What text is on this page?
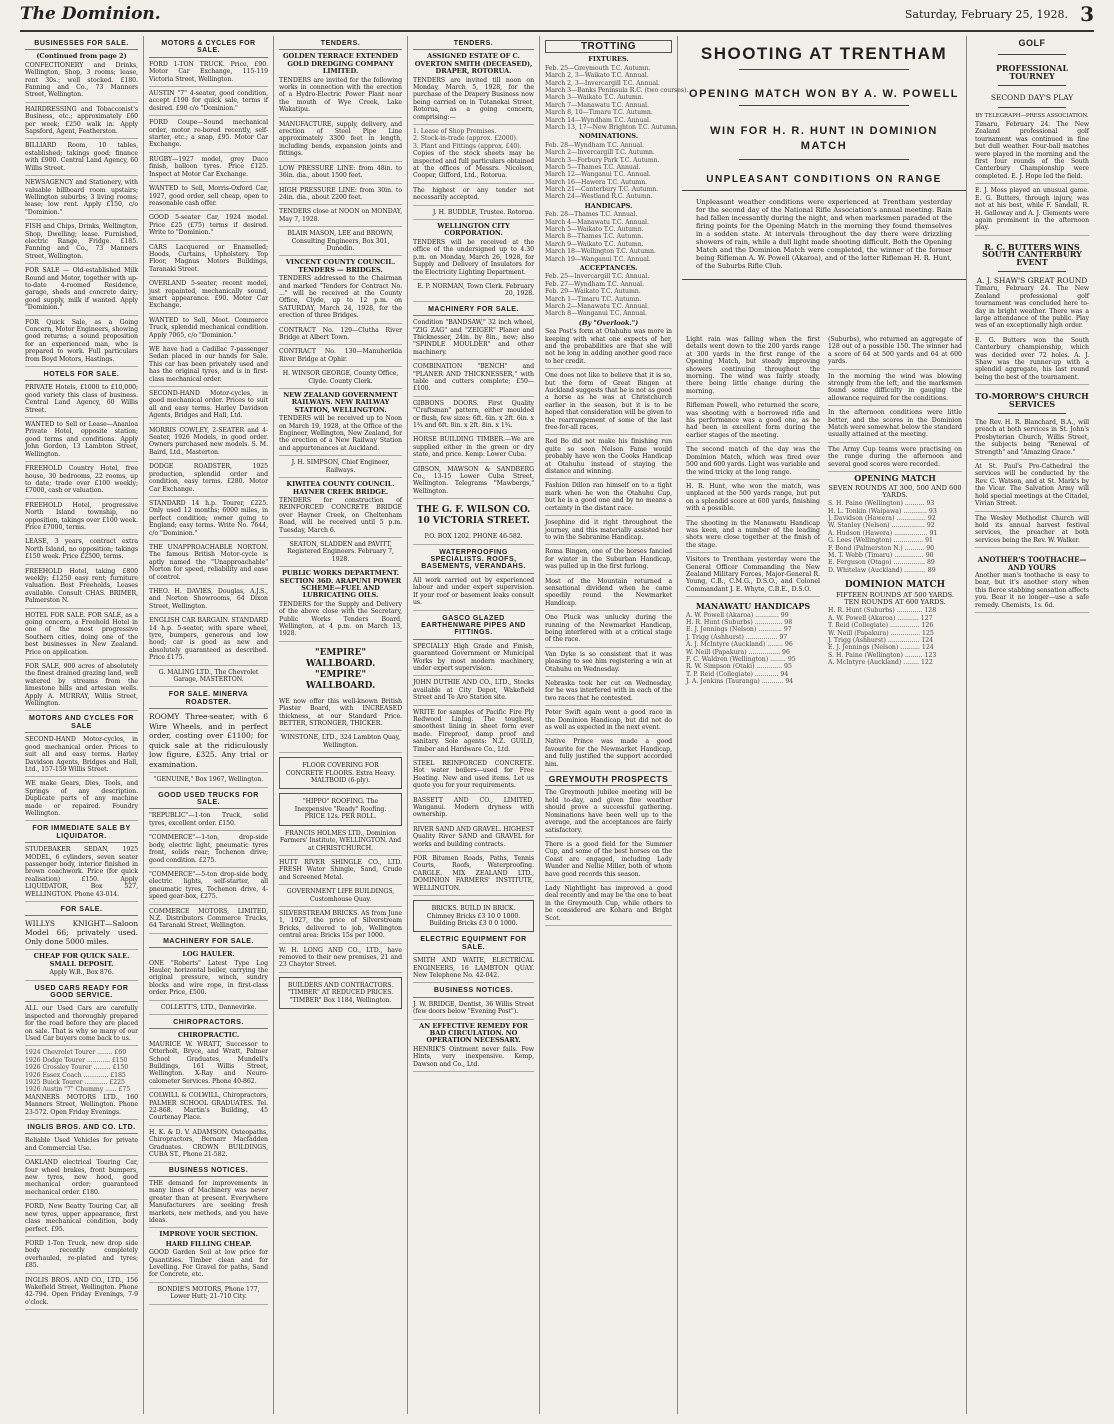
The Dominion.	Saturday, February 25, 1928. 3
BUSINESSES FOR SALE.
(Continued from page 2)
CONFECTIONERY and Drinks, Wellington, Shop, 3 rooms; lease, rent 30s.; well stocked. £180. Fanning and Co., 73 Manners Street, Wellington.
HAIRDRESSING and Tobacconist's Business, etc.; approximately £60 per week; £250 walk in. Apply Sapsford, Agent, Featherston.
BILLIARD Room, 10 tables, established; takings good; finance with £900. Central Land Agency, 60 Willis Street.
NEWSAGENCY and Stationery, with valuable billboard room upstairs; Wellington suburbs; 3 living rooms; lease; low rent. Apply £150, c/o "Dominion."
FISH and Chips, Drinks, Wellington, Shop, Dwelling; lease. Furnished, electric Range, Fridge. £185. Fanning and Co., 73 Manners Street, Wellington.
FOR SALE — Old-established Milk Round and Motor, together with up-to-date 4-roomed Residence, garage, sheds and concrete dairy; good supply, milk if wanted. Apply "Dominion."
FOR Quick Sale, as a Going Concern, Motor Engineers, showing good returns; a sound proposition for an experienced man, who is prepared to work. Full particulars from Boyd Motors, Hastings.
HOTELS FOR SALE.
PRIVATE Hotels, £1000 to £10,000; good variety this class of business. Central Land Agency, 60 Willis Street.
WANTED to Sell or Lease—Ananioa Private Hotel, opposite station; good terms and conditions. Apply John Gordon, 13 Lambton Street, Wellington.
FREEHOLD Country Hotel, free house, 30 bedrooms, 22 rooms, up to date; trade over £100 weekly; £7000, cash or valuation.
FREEHOLD Hotel, progressive North Island township, no opposition, takings over £100 week. Price £7000, terms.
LEASE, 3 years, contract extra North Island, no opposition; takings £150 week. Price £2500, terms.
FREEHOLD Hotel, taking £800 weekly; £1250 easy rent; furniture valuation. Best Freeholds, Leases available. Consult CHAS. BRIMER, Palmerston N.
HOTEL FOR SALE. FOR SALE, as a going concern, a Freehold Hotel in one of the most progressive Southern cities, doing one of the best businesses in New Zealand. Price on application.
FOR SALE, 900 acres of absolutely the finest drained grazing land, well watered by streams from the limestone hills and artesian wells. Apply A. MURRAY, Willis Street, Wellington.
MOTORS AND CYCLES FOR SALE
SECOND-HAND Motor-cycles, in good mechanical order. Prices to suit all and easy terms. Harley Davidson Agents, Bridges and Hall, Ltd., 157-159 Willis Street.
WE make Gears, Dies, Tools, and Springs of any description. Duplicate parts of any machine made or repaired. Foundry Wellington.
FOR IMMEDIATE SALE BY LIQUIDATOR.
STUDEBAKER SEDAN, 1925 MODEL, 6 cylinders, seven seater passenger body, interior finished in brown coachwork. Price (for quick realisation) £150. Apply LIQUIDATOR, Box 527, WELLINGTON. Phone 43-014.
FOR SALE.
WILLYS KNIGHT—Saloon Model 66; privately used. Only done 5000 miles.
CHEAP FOR QUICK SALE. SMALL DEPOSIT.
Apply W.B., Box 876.
USED CARS READY FOR GOOD SERVICE.
ALL our Used Cars are carefully inspected and thoroughly prepared for the road before they are placed on sale. That is why so many of our Used Car buyers come back to us.
1924 Chevrolet Tourer ........ £60
1926 Dodge Tourer ............ £150
1926 Crossley Tourer ......... £150
1926 Essex Coach ............. £185
1925 Buick Tourer ............ £225
1926 Austin "7" Chummy ...... £75
MANNERS MOTORS LTD., 160 Manners Street, Wellington. Phone 23-572. Open Friday Evenings.
INGLIS BROS. AND CO. LTD.
Reliable Used Vehicles for private and Commercial Use.
OAKLAND electrical Touring Car, four wheel brakes, front bumpers, new tyres, new hood, good mechanical order; guaranteed mechanical order. £180.
FORD, New Beatty Touring Car, all new tyres, upper appearance, first class mechanical condition, body perfect. £95.
FORD 1-Ton Truck, new drop side body recently completely overhauled, re-plated and tyres; £85.
INGLIS BROS. AND CO., LTD., 156 Wakefield Street, Wellington. Phone 42-794. Open Friday Evenings, 7-9 o'clock.
MOTORS & CYCLES FOR SALE.
FORD 1-TON TRUCK. Price, £90. Motor Car Exchange, 115-119 Victoria Street, Wellington.
AUSTIN "7" 4-seater, good condition, accept £190 for quick sale, terms if desired. £90 c/o "Dominion."
FORD Coupe—Sound mechanical order, motor re-bored recently, self-starter, etc.; a snap, £95. Motor Car Exchange.
RUGBY—1927 model, grey Duco finish, balloon tyres. Price £125. Inspect at Motor Car Exchange.
WANTED to Sell, Morris-Oxford Car, 1927, good order, sell cheap, open to reasonable cash offer.
GOOD 5-seater Car, 1924 model. Price £25 (£75) terms if desired. Write to "Dominion."
CARS Lacquered or Enamelled; Hoods, Curtains, Upholstery. Top Floor, Magnus Motors Buildings, Taranaki Street.
OVERLAND 5-seater, recent model, just repainted, mechanically sound, smart appearance. £90. Motor Car Exchange.
WANTED to Sell, Moot. Commerce Truck, splendid mechanical condition. Apply 7065, c/o "Dominion."
WE have had a Cadillac 7-passenger Sedan placed in our hands for Sale. This car has been privately used and has the original tyres, and is in first-class mechanical order.
SECOND-HAND Motor-cycles, in good mechanical order. Prices to suit all and easy terms. Harley Davidson Agents, Bridges and Hall, Ltd.
MORRIS COWLEY, 2-SEATER and 4-Seater, 1926 Models, in good order. Owners purchased new models. S. M. Baird, Ltd., Masterton.
DODGE ROADSTER, 1925 production, splendid order and condition, easy terms. £280. Motor Car Exchange.
STANDARD 14 h.p. Tourer, £225. Only used 12 months; 6000 miles, in perfect condition; owner going to England; easy terms. Write No. 7644, c/o "Dominion."
THE UNAPPROACHABLE NORTON. The famous British Motor-cycle is aptly named the "Unapproachable" Norton for speed, reliability and ease of control.
THEO. H. DAVIES, Douglas, A.J.S., and Norton Showrooms, 64 Dixon Street, Wellington.
ENGLISH CAR BARGAIN. STANDARD 14 h.p. 5-seater, with spare wheel, tyre, bumpers, generous and low hood; car is good as new and absolutely guaranteed as described. Price £175.
G. MALING LTD., The Chevrolet Garage, MASTERTON.
FOR SALE. MINERVA ROADSTER.
ROOMY Three-seater, with 6 Wire Wheels, and in perfect order, costing over £1100; for quick sale at the ridiculously low figure, £325. Any trial or examination.
"GENUINE," Box 1967, Wellington.
GOOD USED TRUCKS FOR SALE.
"REPUBLIC"—1-ton Truck, solid tyres, excellent order. £150.
"COMMERCE"—1-ton, drop-side body, electric light, pneumatic tyres front, solids rear; Tochenon drive; good condition. £275.
"COMMERCE"—5-ton drop-side body, electric lights, self-starter, all pneumatic tyres, Tochenon drive, 4-speed gear-box, £275.
COMMERCE MOTORS, LIMITED, N.Z. Distributors Commerce Trucks, 64 Taranaki Street, Wellington.
MACHINERY FOR SALE.
LOG HAULER.
ONE "Roberts" Latest Type Log Hauler, horizontal boiler, carrying the original pressure, winch, sundry blocks and wire rope, in first-class order. Price, £500.
COLLETT'S, LTD., Dannevirke.
CHIROPRACTORS.
CHIROPRACTIC.
MAURICE W. WRATT, Successor to Otterholt, Bryce, and Wratt, Palmer School Graduates, Mundell's Buildings, 161 Willis Street, Wellington. X-Ray and Neuro-calometer Services. Phone 40-862.
COLWILL & COLWILL, Chiropractors, PALMER SCHOOL GRADUATES. Tel. 22-868. Martin's Building, 45 Courtenay Place.
H. K. & D. V. ADAMSON, Osteopaths, Chiropractors, Bernarr Macfadden Graduates. CROWN BUILDINGS, CUBA ST., Phone 21-582.
BUSINESS NOTICES.
THE demand for improvements in many lines of Machinery was never greater than at present. Everywhere Manufacturers are seeking fresh markets, new methods, and you have ideas.
IMPROVE YOUR SECTION.
HARD FILLING CHEAP.
GOOD Garden Soil at low price for Quantities. Timber clean and for Levelling. For Gravel for paths, Sand for Concrete, etc.
BONDIE'S MOTORS, Phone 177, Lower Hutt; 21-710 City.
TENDERS.
GOLDEN TERRACE EXTENDED GOLD DREDGING COMPANY LIMITED.
TENDERS are invited for the following works in connection with the erection of a Hydro-Electric Power Plant near the mouth of Wye Creek, Lake Wakatipu.
MANUFACTURE, supply, delivery, and erection of Steel Pipe Line approximately 3300 feet in length, including bends, expansion joints and fittings.
LOW PRESSURE LINE: from 48in. to 36in. dia., about 1500 feet.
HIGH PRESSURE LINE: from 30in. to 24in. dia., about 2200 feet.
TENDERS close at NOON on MONDAY, May 7, 1928.
BLAIR MASON, LEE and BROWN, Consulting Engineers, Box 301, Dunedin.
VINCENT COUNTY COUNCIL. TENDERS — BRIDGES.
TENDERS addressed to the Chairman and marked "Tenders for Contract No. ..." will be received at the County Office, Clyde, up to 12 p.m. on SATURDAY, March 24, 1928, for the erection of three Bridges.
CONTRACT No. 129—Clutha River Bridge at Albert Town.
CONTRACT No. 130—Manuherikia River Bridge at Ophir.
H. WINSOR GEORGE, County Office, Clyde. County Clerk.
NEW ZEALAND GOVERNMENT RAILWAYS. NEW RAILWAY STATION, WELLINGTON.
TENDERS will be received up to Noon on March 19, 1928, at the Office of the Engineer, Wellington, New Zealand, for the erection of a New Railway Station and appurtenances at Auckland.
J. H. SIMPSON, Chief Engineer, Railways.
KIWITEA COUNTY COUNCIL. HAYNER CREEK BRIDGE.
TENDERS for construction of REINFORCED CONCRETE BRIDGE over Hayner Creek, on Cheltenham Road, will be received until 5 p.m. Tuesday, March 6.
SEATON, SLADDEN and PAVITT, Registered Engineers. February 7, 1928.
PUBLIC WORKS DEPARTMENT. SECTION 36D. ARAPUNI POWER SCHEME—FUEL AND LUBRICATING OILS.
TENDERS for the Supply and Delivery of the above close with the Secretary, Public Works Tenders Board, Wellington, at 4 p.m. on March 13, 1928.
"EMPIRE" WALLBOARD. "EMPIRE" WALLBOARD.
WE now offer this well-known British Plaster Board, with INCREASED thickness, at our Standard Price. BETTER, STRONGER, THICKER.
WINSTONE, LTD., 324 Lambton Quay, Wellington.
FLOOR COVERING FOR CONCRETE FLOORS. Extra Heavy. MALTBOID (6-ply).
"HIPPO" ROOFING. The Inexpensive "Ready" Roofing. PRICE 12s. PER ROLL.
FRANCIS HOLMES LTD., Dominion Farmers' Institute, WELLINGTON. And at CHRISTCHURCH.
HUTT RIVER SHINGLE CO., LTD. FRESH Water Shingle, Sand, Crude and Screened Metal.
GOVERNMENT LIFE BUILDINGS, Customhouse Quay.
SILVERSTREAM BRICKS. AS from June 1, 1927, the price of Silverstream Bricks, delivered to job, Wellington central area: Bricks 15s per 1000.
W. H. LONG AND CO., LTD., have removed to their new premises, 21 and 23 Chaytor Street.
BUILDERS AND CONTRACTORS. "TIMBER" AT REDUCED PRICES. "TIMBER" Box 1184, Wellington.
TENDERS.
ASSIGNED ESTATE OF C. OVERTON SMITH (DECEASED), DRAPER, ROTORUA.
TENDERS are invited till noon on Monday, March 5, 1928, for the purchase of the Drapery Business now being carried on in Tutanekai Street, Rotorua, as a going concern, comprising:—
1. Lease of Shop Premises.
2. Stock-in-trade (approx. £2000).
3. Plant and Fittings (approx. £40).
Copies of the stock sheets may be inspected and full particulars obtained at the offices of Messrs. Nicolson, Cooper, Gifford, Ltd., Rotorua.
The highest or any tender not necessarily accepted.
J. H. BUDDLE, Trustee. Rotorua.
WELLINGTON CITY CORPORATION.
TENDERS will be received at the office of the undersigned up to 4.30 p.m. on Monday, March 26, 1928, for Supply and Delivery of Insulators for the Electricity Lighting Department.
E. P. NORMAN, Town Clerk. February 20, 1928.
MACHINERY FOR SALE.
Condition "BANDSAW," 32 inch wheel, "ZIG ZAG" and "ZEIGER" Planer and Thicknesser, 24in. by 8in., new; also "SPINDLE MOULDER" and other machinery.
COMBINATION "BENCH" and "PLANER AND THICKNESSER," with table and cutters complete; £50—£100.
GIBBONS DOORS. First Quality "Craftsman" pattern, either moulded or flush, few sizes: 6ft. 6in. x 2ft. 6in. x 1¾ and 6ft. 8in. x 2ft. 8in. x 1¾.
HORSE BUILDING TIMBER.—We are supplied either in the green or dry state, and price. Kemp. Lower Cuba.
GIBSON, MAWSON & SANDBERG Co., 13-15 Lower Cuba Street, Wellington. Telegrams "Mawbergs," Wellington.
THE G. F. WILSON CO. 10 VICTORIA STREET.
P.O. BOX 1202. PHONE 46-582.
WATERPROOFING SPECIALISTS. ROOFS, BASEMENTS, VERANDAHS.
All work carried out by experienced labour and under expert supervision. If your roof or basement leaks consult us.
GASCO GLAZED EARTHENWARE PIPES AND FITTINGS.
SPECIALLY High Grade and Finish, guaranteed Government or Municipal Works by most modern machinery, under expert supervision.
JOHN DUTHIE AND CO., LTD., Stocks available at City Depot, Wakefield Street and Te Aro Station site.
WRITE for samples of Pacific Fire Ply Redwood Lining. The toughest, smoothest lining in sheet form ever made. Fireproof, damp proof and sanitary. Sole agents: N.Z. GUILD, Timber and Hardware Co., Ltd.
STEEL REINFORCED CONCRETE. Hot water boilers—used for Free Heating. New and used items. Let us quote you for your requirements.
BASSETT AND CO., LIMITED, Wanganui. Modern dryness with ownership.
RIVER SAND AND GRAVEL. HIGHEST Quality River SAND and GRAVEL for works and building contracts.
FOR Bitumen Roads, Paths, Tennis Courts, Roofs, Waterproofing. CARGLE. MIX ZEALAND LTD., DOMINION FARMERS' INSTITUTE, WELLINGTON.
BRICKS. BUILD IN BRICK. Chimney Bricks £3 10 0 1000. Building Bricks £3 0 0 1000.
ELECTRIC EQUIPMENT FOR SALE.
SMITH AND WAITE, ELECTRICAL ENGINEERS, 16 LAMBTON QUAY. New Telephone No. 42-042.
BUSINESS NOTICES.
J. W. BRIDGE, Dentist, 36 Willis Street (few doors below "Evening Post").
AN EFFECTIVE REMEDY FOR BAD CIRCULATION. NO OPERATION NECESSARY.
HENRIK'S Ointment never fails. Few Hints, very inexpensive. Kemp, Dawson and Co., Ltd.
TROTTING
FIXTURES.
Feb. 25—Greymouth T.C. Autumn.
March 2, 3—Waikato T.C. Annual.
March 2, 3—Invercargill T.C. Annual.
March 3—Banks Peninsula R.C. (two courses).
March 3—Waikato T.C. Autumn.
March 7—Manawatu T.C. Annual.
March 8, 10—Timaru T.C. Autumn.
March 14—Wyndham T.C. Annual.
March 13, 17—New Brighton T.C. Autumn.
NOMINATIONS.
Feb. 28—Wyndham T.C. Annual.
March 2—Invercargill T.C. Autumn.
March 3—Forbury Park T.C. Autumn.
March 5—Thames T.C. Annual.
March 12—Wanganui T.C. Annual.
March 16—Hawera T.C. Autumn.
March 21—Canterbury T.C. Autumn.
March 24—Westland R.C. Autumn.
HANDICAPS.
Feb. 28—Thames T.C. Annual.
March 4—Manawatu T.C. Annual.
March 5—Waikato T.C. Autumn.
March 8—Thames T.C. Autumn.
March 9—Waikato T.C. Autumn.
March 18—Wellington T.C. Autumn.
March 19—Wanganui T.C. Annual.
ACCEPTANCES.
Feb. 25—Invercargill T.C. Annual.
Feb. 27—Wyndham T.C. Annual.
Feb. 29—Waikato T.C. Autumn.
March 1—Timaru T.C. Autumn.
March 2—Manawatu T.C. Annual.
March 8—Wanganui T.C. Annual.
(By "Overlook.")
Sea Post's form at Otahuhu was more in keeping with what one expects of her, and the probabilities are that she will not be long in adding another good race to her credit.
One does not like to believe that it is so, but the form of Great Bingen at Auckland suggests that he is not as good a horse as he was at Christchurch earlier in the season, but it is to be hoped that consideration will be given to the rearrangement of some of the last free-for-all races.
Red Bo did not make his finishing run quite so soon Nelson Fame would probably have won the Cooks Handicap at Otahuhu instead of staying the distance and winning.
Fashion Dillon ran himself on to a tight mark when he won the Otahuhu Cup, but he is a good one and by no means a certainty in the distant race.
Josephine did it right throughout the journey, and this materially assisted her to win the Sabranine Handicap.
Roma Bingen, one of the horses fancied for winter in the Suburban Handicap, was pulled up in the first furlong.
Most of the Mountain returned a sensational dividend when he came speedily round the Newmarket Handicap.
One Pluck was unlucky during the running of the Newmarket Handicap, being interfered with at a critical stage of the race.
Van Dyke is so consistent that it was pleasing to see him registering a win at Otahuhu on Wednesday.
Nebraska took her cut on Wednesday, for he was interfered with in each of the two races that he contested.
Peter Swift again went a good race in the Dominion Handicap, but did not do as well as expected in the next event.
Native Prince was made a good favourite for the Newmarket Handicap, and fully justified the support accorded him.
GREYMOUTH PROSPECTS
The Greymouth jubilee meeting will be held to-day, and given fine weather should prove a successful gathering. Nominations have been well up to the average, and the acceptances are fairly satisfactory.
There is a good field for the Summer Cup, and some of the best horses on the Coast are engaged, including Lady Wunder and Nellie Miller, both of whom have good records this season.
Lady Nightlight has improved a good deal recently and may be the one to beat in the Greymouth Cup, while others to be considered are Kohara and Bright Scot.
SHOOTING AT TRENTHAM
OPENING MATCH WON BY A. W. POWELL
WIN FOR H. R. HUNT IN DOMINION MATCH
UNPLEASANT CONDITIONS ON RANGE
Unpleasant weather conditions were experienced at Trentham yesterday for the second day of the National Rifle Association's annual meeting. Rain had fallen incessantly during the night, and when marksmen paraded at the firing points for the Opening Match in the morning they found themselves in a sodden state. At intervals throughout the day there were drizzling showers of rain, while a dull light made shooting difficult. Both the Opening Match and the Dominion Match were completed, the winner of the former being Rifleman A. W. Powell (Akaroa), and of the latter Rifleman H. R. Hunt, of the Suburbs Rifle Club.
Light rain was falling when the first details went down to the 200 yards range at 300 yards in the first range of the Opening Match, but steady improving showers continuing throughout the morning. The wind was fairly steady, there being little change during the morning.
Rifleman Powell, who returned the score, was shooting with a borrowed rifle and his performance was a good one, as he had been in excellent form during the earlier stages of the meeting.
The second match of the day was the Dominion Match, which was fired over 500 and 600 yards. Light was variable and the wind tricky at the long range.
H. R. Hunt, who won the match, was unplaced at the 500 yards range, but put on a splendid score at 600 yards, finishing with a possible.
The shooting in the Manawatu Handicap was keen, and a number of the leading shots were close together at the finish of the stage.
Visitors to Trentham yesterday were the General Officer Commanding the New Zealand Military Forces, Major-General R. Young, C.B., C.M.G., D.S.O., and Colonel Commandant J. E. Whyte, C.B.E., D.S.O.
MANAWATU HANDICAPS
A. W. Powell (Akaroa) ............ 99
H. R. Hunt (Suburbs) .............. 98
E. J. Jennings (Nelson) ............ 97
J. Trigg (Ashhurst) ................ 97
A. J. McIntyre (Auckland) ........ 96
W. Neill (Papakura) ................ 96
F. C. Waldren (Wellington) ........ 95
R. W. Simpson (Otaki) ............. 95
T. P. Reid (Collegiate) ............ 94
J. A. Jenkins (Tauranga) ........... 94
(Suburbs), who returned an aggregate of 128 out of a possible 150. The winner had a score of 64 at 500 yards and 64 at 600 yards.
In the morning the wind was blowing strongly from the left, and the marksmen found some difficulty in gauging the allowance required for the conditions.
In the afternoon conditions were little better, and the scores in the Dominion Match were somewhat below the standard usually attained at the meeting.
The Army Cup teams were practising on the range during the afternoon and several good scores were recorded.
OPENING MATCH
SEVEN ROUNDS AT 300, 500 AND 600 YARDS.
S. H. Paine (Wellington) .......... 93
H. L. Tonkin (Waipawa) ............ 93
J. Davidson (Hawera) ............... 92
W. Stanley (Nelson) ................. 92
A. Hudson (Hawera) ................. 91
G. Lees (Wellington) ............... 91
F. Bond (Palmerston N.) .......... 90
M. T. Webb (Timaru) ............... 90
E. Ferguson (Otago) ................ 89
D. Whitelaw (Auckland) ........... 89
DOMINION MATCH
FIFTEEN ROUNDS AT 500 YARDS. TEN ROUNDS AT 600 YARDS.
H. R. Hunt (Suburbs) ............. 128
A. W. Powell (Akaroa) ........... 127
T. Reid (Collegiate) ............... 126
W. Neill (Papakura) ............... 125
J. Trigg (Ashhurst) ................ 124
E. J. Jennings (Nelson) .......... 124
S. H. Paine (Wellington) ......... 123
A. McIntyre (Auckland) ........ 122
GOLF
PROFESSIONAL TOURNEY
SECOND DAY'S PLAY
BY TELEGRAPH—PRESS ASSOCIATION.
Timaru, February 24. The New Zealand professional golf tournament was continued in fine but dull weather. Four-ball matches were played in the morning and the first four rounds of the South Canterbury Championship were completed. E. J. Hope led the field.
E. J. Moss played an unusual game. E. G. Butters, through injury, was not at his best, while F. Sandall, R. H. Galloway and A. J. Clements were again prominent in the afternoon play.
R. C. BUTTERS WINS SOUTH CANTERBURY EVENT
A. J. SHAW'S GREAT ROUND
Timaru, February 24. The New Zealand professional golf tournament was concluded here to-day in bright weather. There was a large attendance of the public. Play was of an exceptionally high order.
E. G. Butters won the South Canterbury championship, which was decided over 72 holes. A. J. Shaw was the runner-up with a splendid aggregate, his last round being the best of the tournament.
TO-MORROW'S CHURCH SERVICES
The Rev. H. R. Blanchard, B.A., will preach at both services in St. John's Presbyterian Church, Willis Street, the subjects being "Renewal of Strength" and "Amazing Grace."
At St. Paul's Pro-Cathedral the services will be conducted by the Rev. C. Watson, and at St. Mark's by the Vicar. The Salvation Army will hold special meetings at the Citadel, Vivian Street.
The Wesley Methodist Church will hold its annual harvest festival services, the preacher at both services being the Rev. W. Walker.
ANOTHER'S TOOTHACHE—AND YOURS
Another man's toothache is easy to bear, but it's another story when this fierce stabbing sensation affects you. Bear it no longer—use a safe remedy. Chemists, 1s. 6d.
